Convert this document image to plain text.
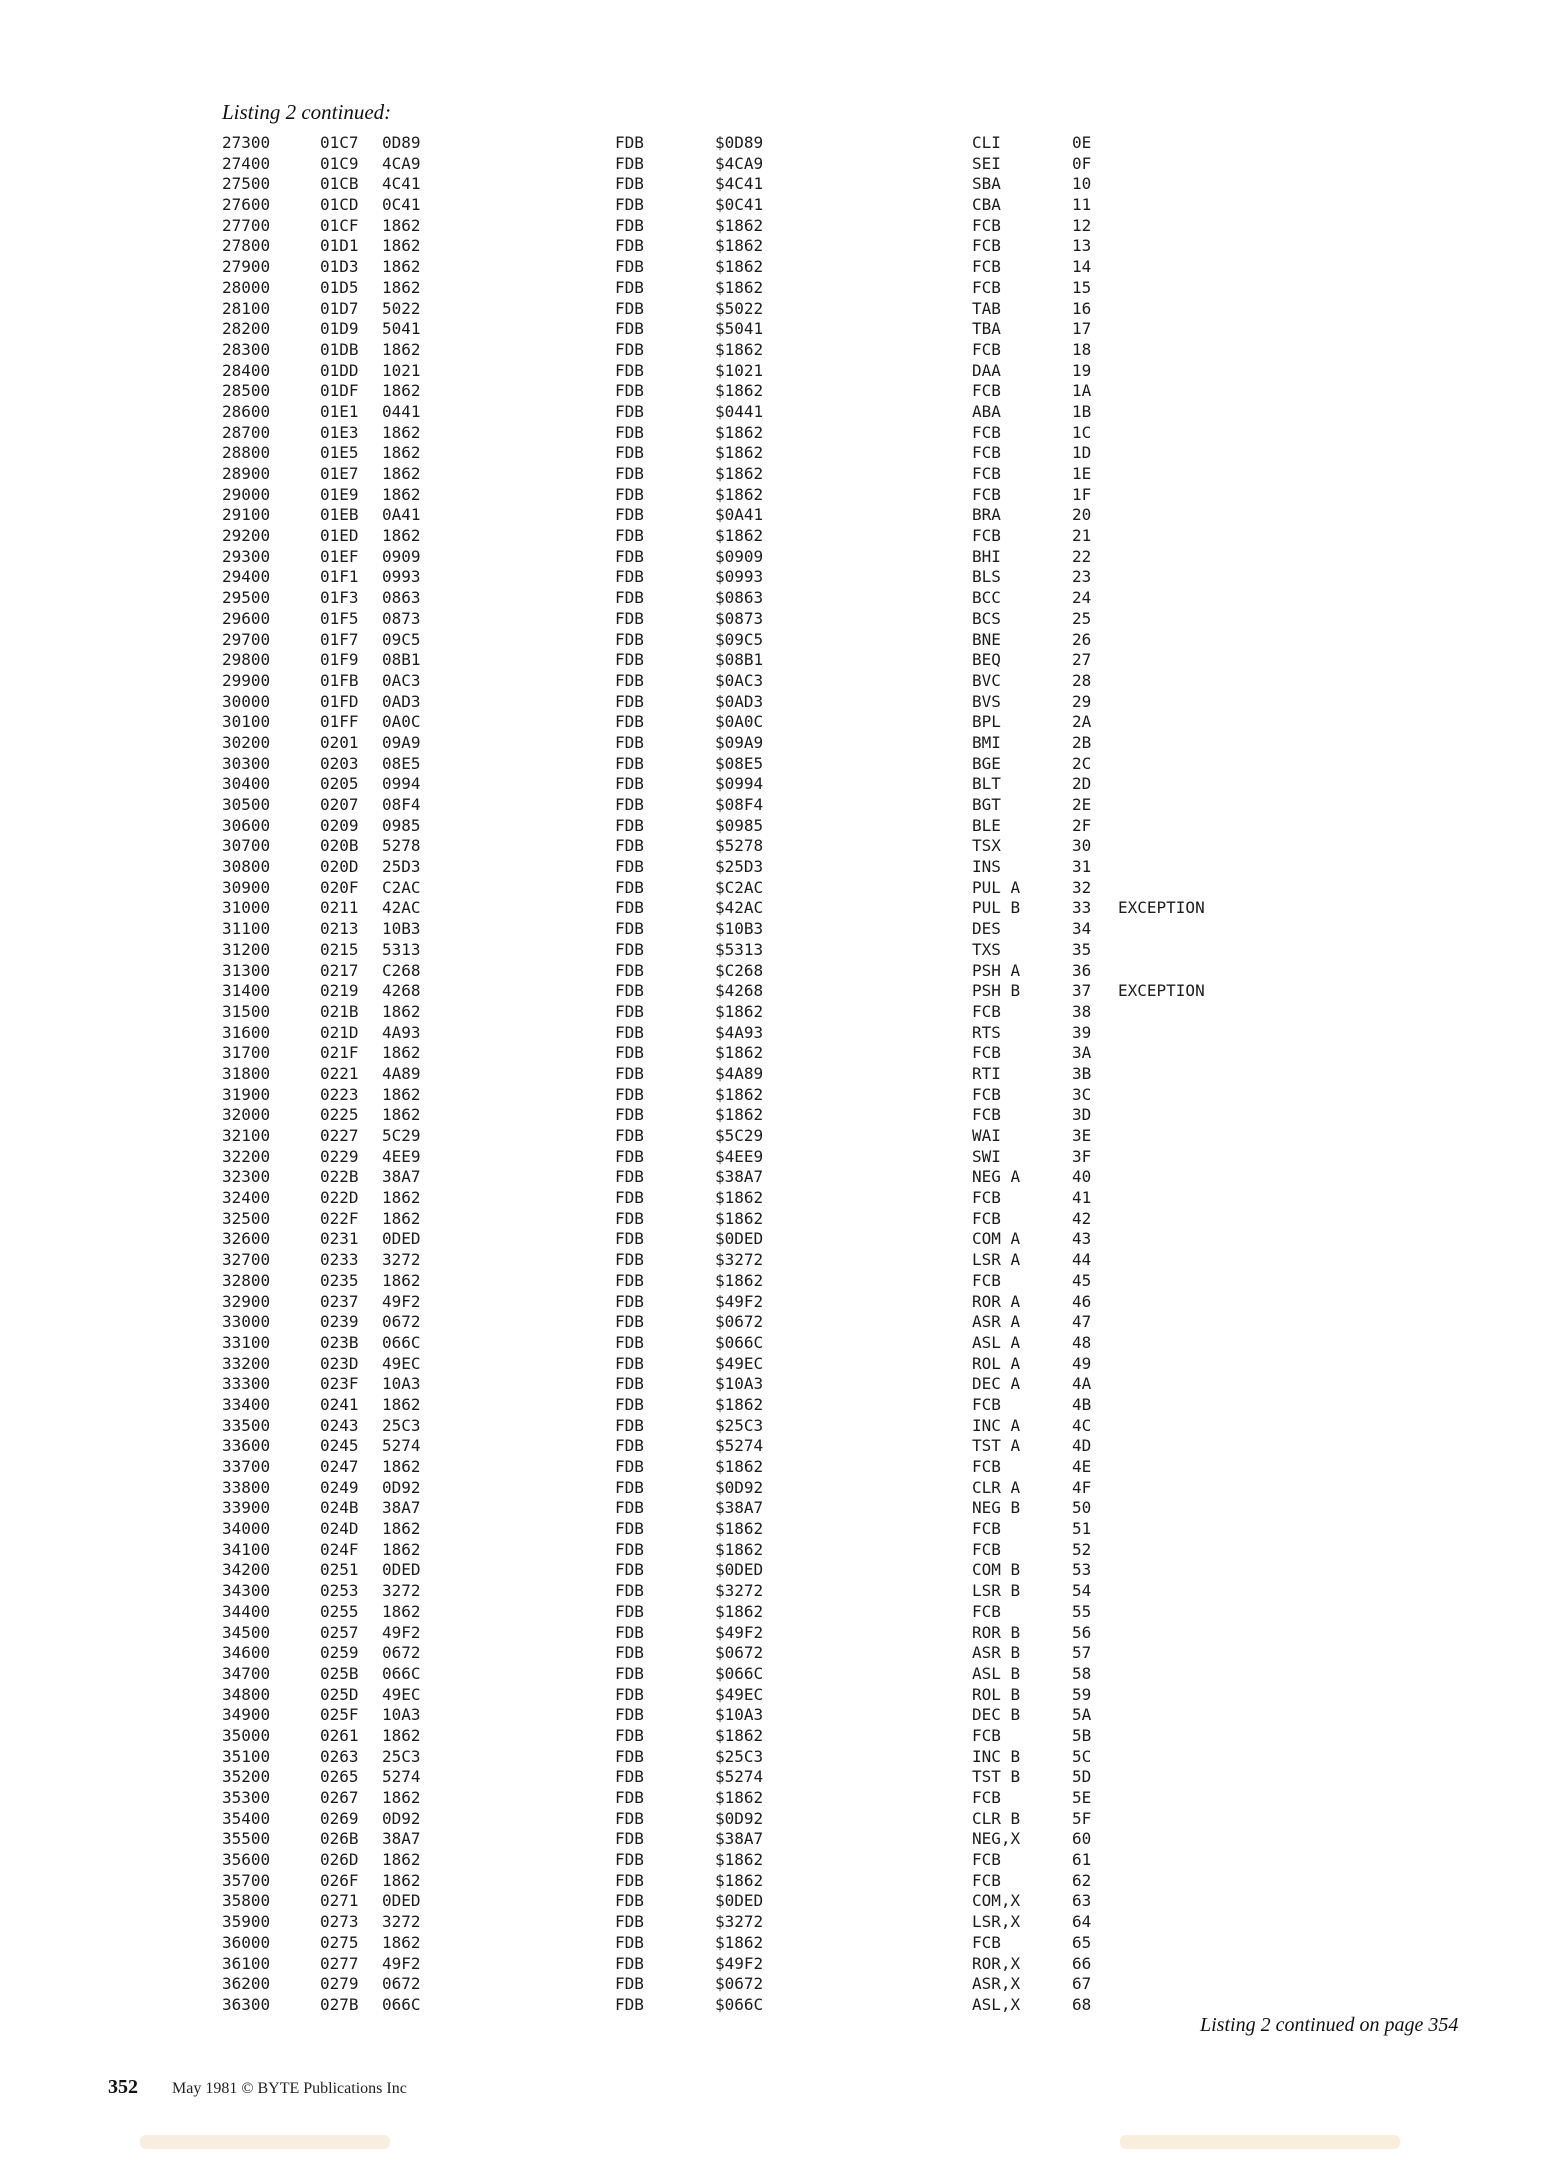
Listing 2 continued:
27300	01C7 0D89	FDB	$0D89	CLI	0E
27400	01C9 4CA9	FDB	$4CA9	SEI	0F
27500	01CB 4C41	FDB	$4C41	SBA	10
27600	01CD 0C41	FDB	$0C41	CBA	11
27700	01CF 1862	FDB	$1862	FCB	12
27800	01D1 1862	FDB	$1862	FCB	13
27900	01D3 1862	FDB	$1862	FCB	14
28000	01D5 1862	FDB	$1862	FCB	15
28100	01D7 5022	FDB	$5022	TAB	16
28200	01D9 5041	FDB	$5041	TBA	17
28300	01DB 1862	FDB	$1862	FCB	18
28400	01DD 1021	FDB	$1021	DAA	19
28500	01DF 1862	FDB	$1862	FCB	1A
28600	01E1 0441	FDB	$0441	ABA	1B
28700	01E3 1862	FDB	$1862	FCB	1C
28800	01E5 1862	FDB	$1862	FCB	1D
28900	01E7 1862	FDB	$1862	FCB	1E
29000	01E9 1862	FDB	$1862	FCB	1F
29100	01EB 0A41	FDB	$0A41	BRA	20
29200	01ED 1862	FDB	$1862	FCB	21
29300	01EF 0909	FDB	$0909	BHI	22
29400	01F1 0993	FDB	$0993	BLS	23
29500	01F3 0863	FDB	$0863	BCC	24
29600	01F5 0873	FDB	$0873	BCS	25
29700	01F7 09C5	FDB	$09C5	BNE	26
29800	01F9 08B1	FDB	$08B1	BEQ	27
29900	01FB 0AC3	FDB	$0AC3	BVC	28
30000	01FD 0AD3	FDB	$0AD3	BVS	29
30100	01FF 0A0C	FDB	$0A0C	BPL	2A
30200	0201 09A9	FDB	$09A9	BMI	2B
30300	0203 08E5	FDB	$08E5	BGE	2C
30400	0205 0994	FDB	$0994	BLT	2D
30500	0207 08F4	FDB	$08F4	BGT	2E
30600	0209 0985	FDB	$0985	BLE	2F
30700	020B 5278	FDB	$5278	TSX	30
30800	020D 25D3	FDB	$25D3	INS	31
30900	020F C2AC	FDB	$C2AC	PUL A	32
31000	0211 42AC	FDB	$42AC	PUL B	33 EXCEPTION
31100	0213 10B3	FDB	$10B3	DES	34
31200	0215 5313	FDB	$5313	TXS	35
31300	0217 C268	FDB	$C268	PSH A	36
31400	0219 4268	FDB	$4268	PSH B	37 EXCEPTION
31500	021B 1862	FDB	$1862	FCB	38
31600	021D 4A93	FDB	$4A93	RTS	39
31700	021F 1862	FDB	$1862	FCB	3A
31800	0221 4A89	FDB	$4A89	RTI	3B
31900	0223 1862	FDB	$1862	FCB	3C
32000	0225 1862	FDB	$1862	FCB	3D
32100	0227 5C29	FDB	$5C29	WAI	3E
32200	0229 4EE9	FDB	$4EE9	SWI	3F
32300	022B 38A7	FDB	$38A7	NEG A	40
32400	022D 1862	FDB	$1862	FCB	41
32500	022F 1862	FDB	$1862	FCB	42
32600	0231 0DED	FDB	$0DED	COM A	43
32700	0233 3272	FDB	$3272	LSR A	44
32800	0235 1862	FDB	$1862	FCB	45
32900	0237 49F2	FDB	$49F2	ROR A	46
33000	0239 0672	FDB	$0672	ASR A	47
33100	023B 066C	FDB	$066C	ASL A	48
33200	023D 49EC	FDB	$49EC	ROL A	49
33300	023F 10A3	FDB	$10A3	DEC A	4A
33400	0241 1862	FDB	$1862	FCB	4B
33500	0243 25C3	FDB	$25C3	INC A	4C
33600	0245 5274	FDB	$5274	TST A	4D
33700	0247 1862	FDB	$1862	FCB	4E
33800	0249 0D92	FDB	$0D92	CLR A	4F
33900	024B 38A7	FDB	$38A7	NEG B	50
34000	024D 1862	FDB	$1862	FCB	51
34100	024F 1862	FDB	$1862	FCB	52
34200	0251 0DED	FDB	$0DED	COM B	53
34300	0253 3272	FDB	$3272	LSR B	54
34400	0255 1862	FDB	$1862	FCB	55
34500	0257 49F2	FDB	$49F2	ROR B	56
34600	0259 0672	FDB	$0672	ASR B	57
34700	025B 066C	FDB	$066C	ASL B	58
34800	025D 49EC	FDB	$49EC	ROL B	59
34900	025F 10A3	FDB	$10A3	DEC B	5A
35000	0261 1862	FDB	$1862	FCB	5B
35100	0263 25C3	FDB	$25C3	INC B	5C
35200	0265 5274	FDB	$5274	TST B	5D
35300	0267 1862	FDB	$1862	FCB	5E
35400	0269 0D92	FDB	$0D92	CLR B	5F
35500	026B 38A7	FDB	$38A7	NEG,X	60
35600	026D 1862	FDB	$1862	FCB	61
35700	026F 1862	FDB	$1862	FCB	62
35800	0271 0DED	FDB	$0DED	COM,X	63
35900	0273 3272	FDB	$3272	LSR,X	64
36000	0275 1862	FDB	$1862	FCB	65
36100	0277 49F2	FDB	$49F2	ROR,X	66
36200	0279 0672	FDB	$0672	ASR,X	67
36300	027B 066C	FDB	$066C	ASL,X	68
Listing 2 continued on page 354
352 May 1981 © BYTE Publications Inc
